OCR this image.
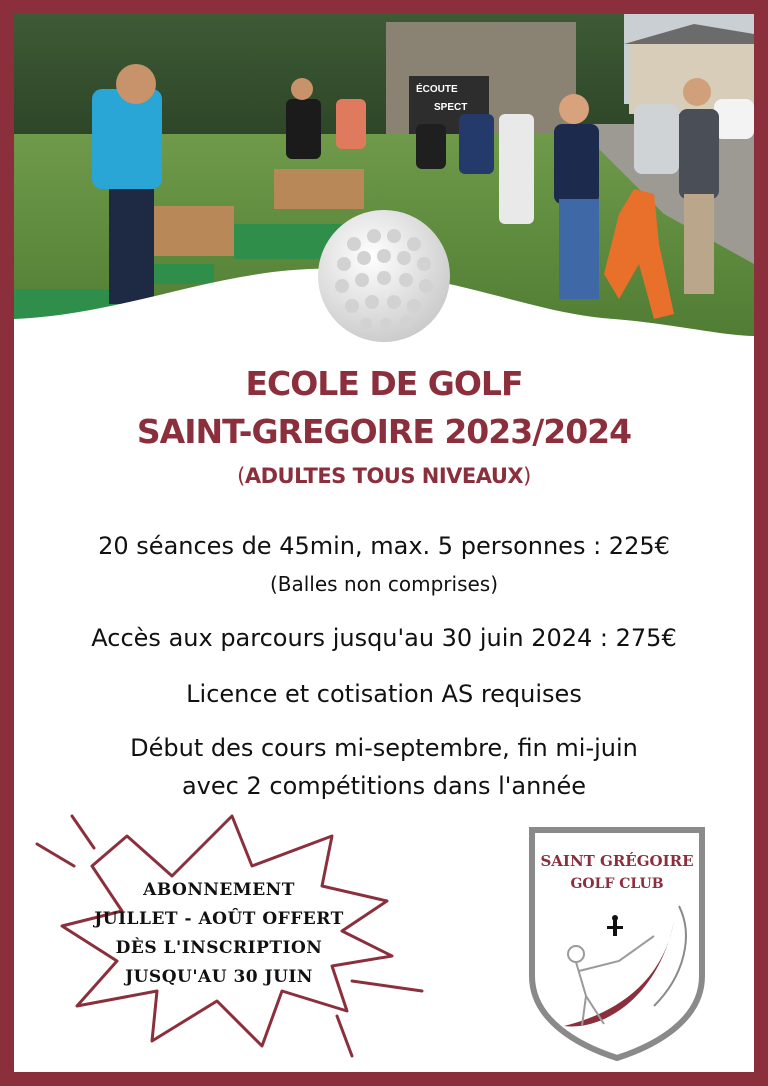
ÉCOUTE
SPECT
ECOLE DE GOLF
SAINT-GREGOIRE 2023/2024
(ADULTES TOUS NIVEAUX)
20 séances de 45min, max. 5 personnes : 225€
(Balles non comprises)
Accès aux parcours jusqu'au 30 juin 2024 : 275€
Licence et cotisation AS requises
Début des cours mi-septembre, fin mi-juin
avec 2 compétitions dans l'année
ABONNEMENT
JUILLET - AOÛT OFFERT
DÈS L'INSCRIPTION
JUSQU'AU 30 JUIN
SAINT GRÉGOIRE
GOLF CLUB
